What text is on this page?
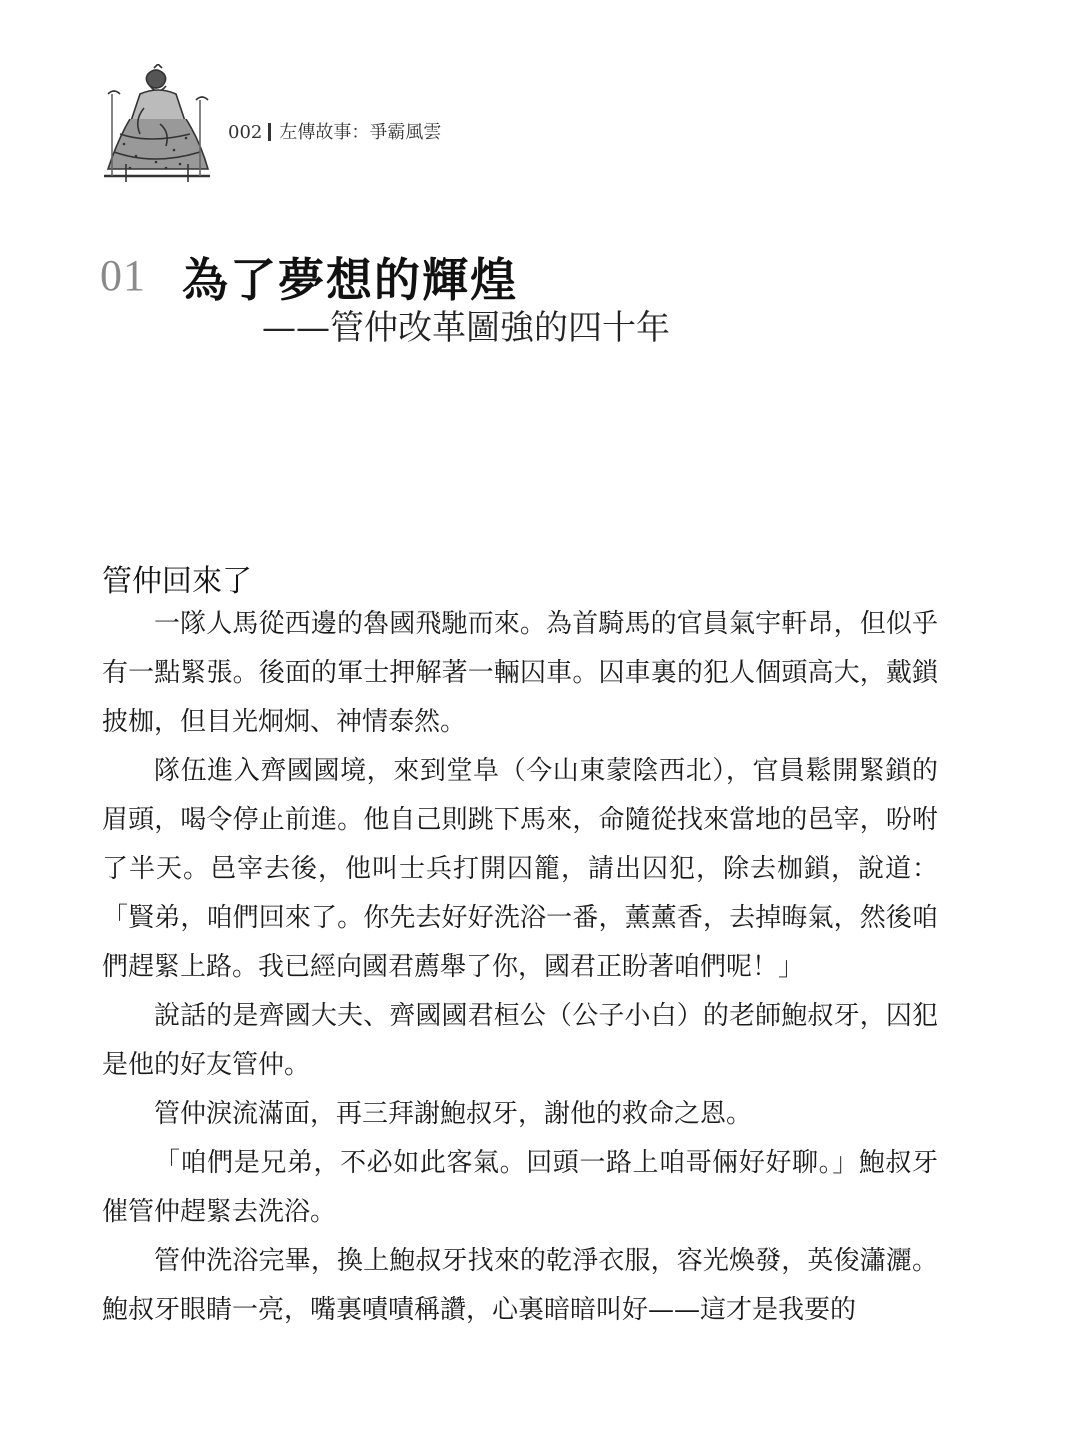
002 左傳故事：爭霸風雲
01 為了夢想的輝煌
——管仲改革圖強的四十年
管仲回來了

一隊人馬從西邊的魯國飛馳而來。為首騎馬的官員氣宇軒昂，但似乎有一點緊張。後面的軍士押解著一輛囚車。囚車裏的犯人個頭高大，戴鎖披枷，但目光炯炯、神情泰然。

隊伍進入齊國國境，來到堂阜（今山東蒙陰西北），官員鬆開緊鎖的眉頭，喝令停止前進。他自己則跳下馬來，命隨從找來當地的邑宰，吩咐了半天。邑宰去後，他叫士兵打開囚籠，請出囚犯，除去枷鎖，說道：「賢弟，咱們回來了。你先去好好洗浴一番，薰薰香，去掉晦氣，然後咱們趕緊上路。我已經向國君薦舉了你，國君正盼著咱們呢！」

說話的是齊國大夫、齊國國君桓公（公子小白）的老師鮑叔牙，囚犯是他的好友管仲。

管仲淚流滿面，再三拜謝鮑叔牙，謝他的救命之恩。

「咱們是兄弟，不必如此客氣。回頭一路上咱哥倆好好聊。」鮑叔牙催管仲趕緊去洗浴。

管仲洗浴完畢，換上鮑叔牙找來的乾淨衣服，容光煥發，英俊瀟灑。鮑叔牙眼睛一亮，嘴裏嘖嘖稱讚，心裏暗暗叫好——這才是我要的
